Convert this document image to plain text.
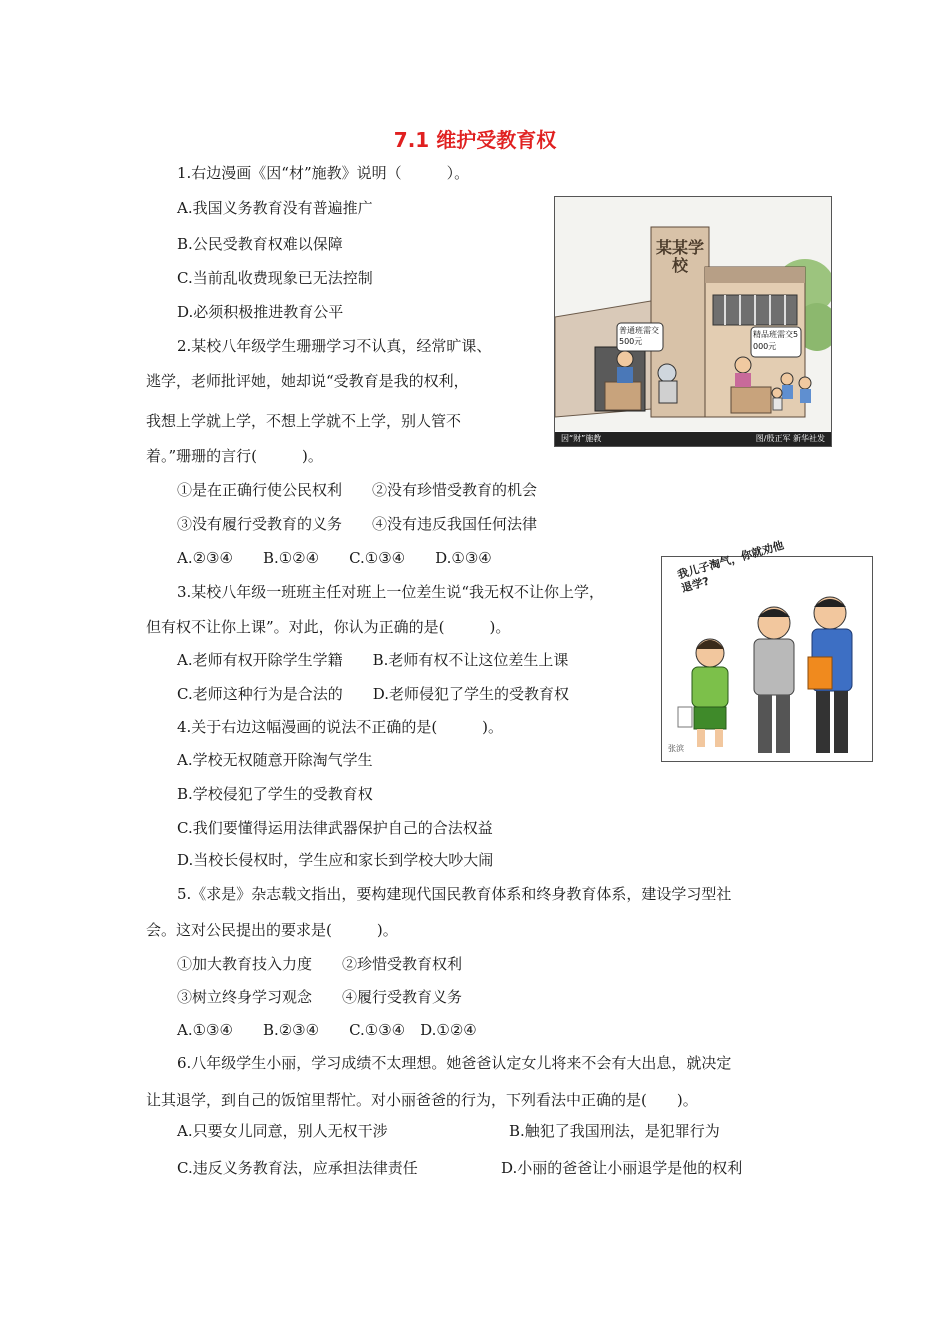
7.1 维护受教育权
1.右边漫画《因“材”施教》说明（　　　）。
A.我国义务教育没有普遍推广
B.公民受教育权难以保障
C.当前乱收费现象已无法控制
D.必须积极推进教育公平
2.某校八年级学生珊珊学习不认真，经常旷课、
逃学，老师批评她，她却说“受教育是我的权利，
我想上学就上学，不想上学就不上学，别人管不
着。”珊珊的言行(　　　)。
①是在正确行使公民权利　　②没有珍惜受教育的机会
③没有履行受教育的义务　　④没有违反我国任何法律
A.②③④　　B.①②④　　C.①③④　　D.①③④
3.某校八年级一班班主任对班上一位差生说“我无权不让你上学，
但有权不让你上课”。对此，你认为正确的是(　　　)。
A.老师有权开除学生学籍　　B.老师有权不让这位差生上课
C.老师这种行为是合法的　　D.老师侵犯了学生的受教育权
4.关于右边这幅漫画的说法不正确的是(　　　)。
A.学校无权随意开除淘气学生
B.学校侵犯了学生的受教育权
C.我们要懂得运用法律武器保护自己的合法权益
D.当校长侵权时，学生应和家长到学校大吵大闹
5.《求是》杂志载文指出，要构建现代国民教育体系和终身教育体系，建设学习型社
会。这对公民提出的要求是(　　　)。
①加大教育技入力度　　②珍惜受教育权利
③树立终身学习观念　　④履行受教育义务
A.①③④　　B.②③④　　C.①③④　D.①②④
6.八年级学生小丽，学习成绩不太理想。她爸爸认定女儿将来不会有大出息，就决定
让其退学，到自己的饭馆里帮忙。对小丽爸爸的行为，下列看法中正确的是(　　)。
A.只要女儿同意，别人无权干涉	B.触犯了我国刑法，是犯罪行为
C.违反义务教育法，应承担法律责任	D.小丽的爸爸让小丽退学是他的权利
某某学校
普通班需交500元
精品班需交5000元
因“财”施教	图/殷正军 新华社发
我儿子淘气，你就劝他退学?
张滨
